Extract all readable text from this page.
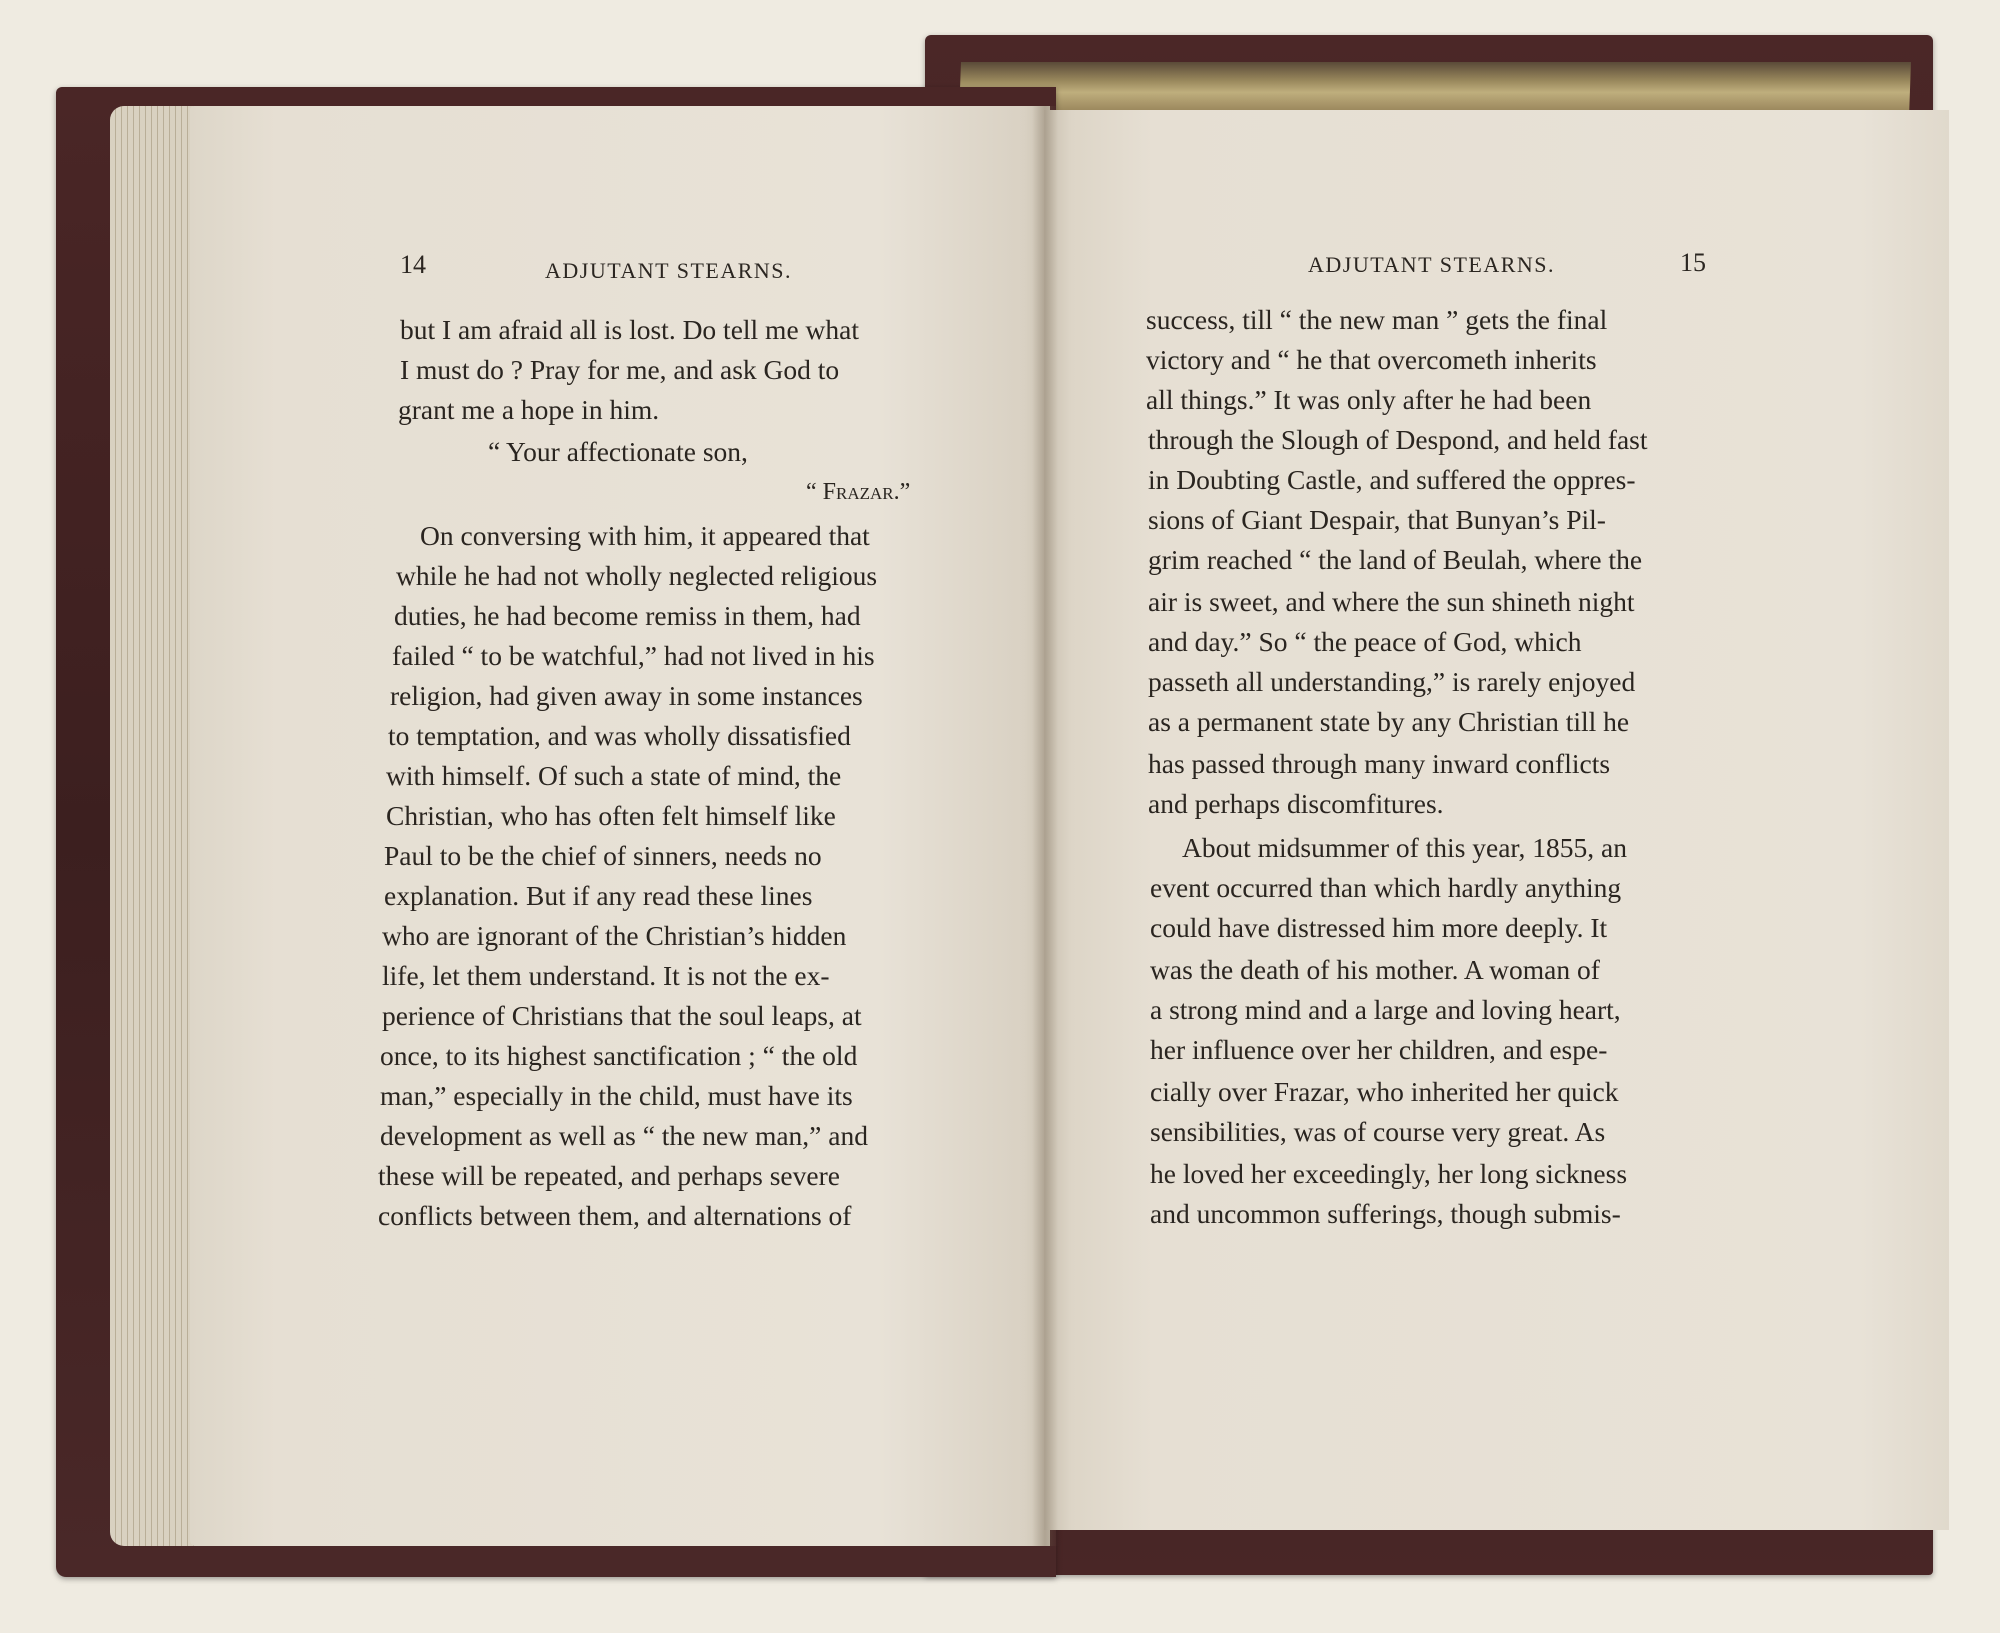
14	ADJUTANT STEARNS.	ADJUTANT STEARNS.	15
but I am afraid all is lost. Do tell me what
I must do ? Pray for me, and ask God to
grant me a hope in him.
“ Your affectionate son,
“ Frazar.”
On conversing with him, it appeared that
while he had not wholly neglected religious
duties, he had become remiss in them, had
failed “ to be watchful,” had not lived in his
religion, had given away in some instances
to temptation, and was wholly dissatisfied
with himself. Of such a state of mind, the
Christian, who has often felt himself like
Paul to be the chief of sinners, needs no
explanation. But if any read these lines
who are ignorant of the Christian’s hidden
life, let them understand. It is not the ex-
perience of Christians that the soul leaps, at
once, to its highest sanctification ; “ the old
man,” especially in the child, must have its
development as well as “ the new man,” and
these will be repeated, and perhaps severe
conflicts between them, and alternations of
success, till “ the new man ” gets the final
victory and “ he that overcometh inherits
all things.” It was only after he had been
through the Slough of Despond, and held fast
in Doubting Castle, and suffered the oppres-
sions of Giant Despair, that Bunyan’s Pil-
grim reached “ the land of Beulah, where the
air is sweet, and where the sun shineth night
and day.” So “ the peace of God, which
passeth all understanding,” is rarely enjoyed
as a permanent state by any Christian till he
has passed through many inward conflicts
and perhaps discomfitures.
About midsummer of this year, 1855, an
event occurred than which hardly anything
could have distressed him more deeply. It
was the death of his mother. A woman of
a strong mind and a large and loving heart,
her influence over her children, and espe-
cially over Frazar, who inherited her quick
sensibilities, was of course very great. As
he loved her exceedingly, her long sickness
and uncommon sufferings, though submis-
